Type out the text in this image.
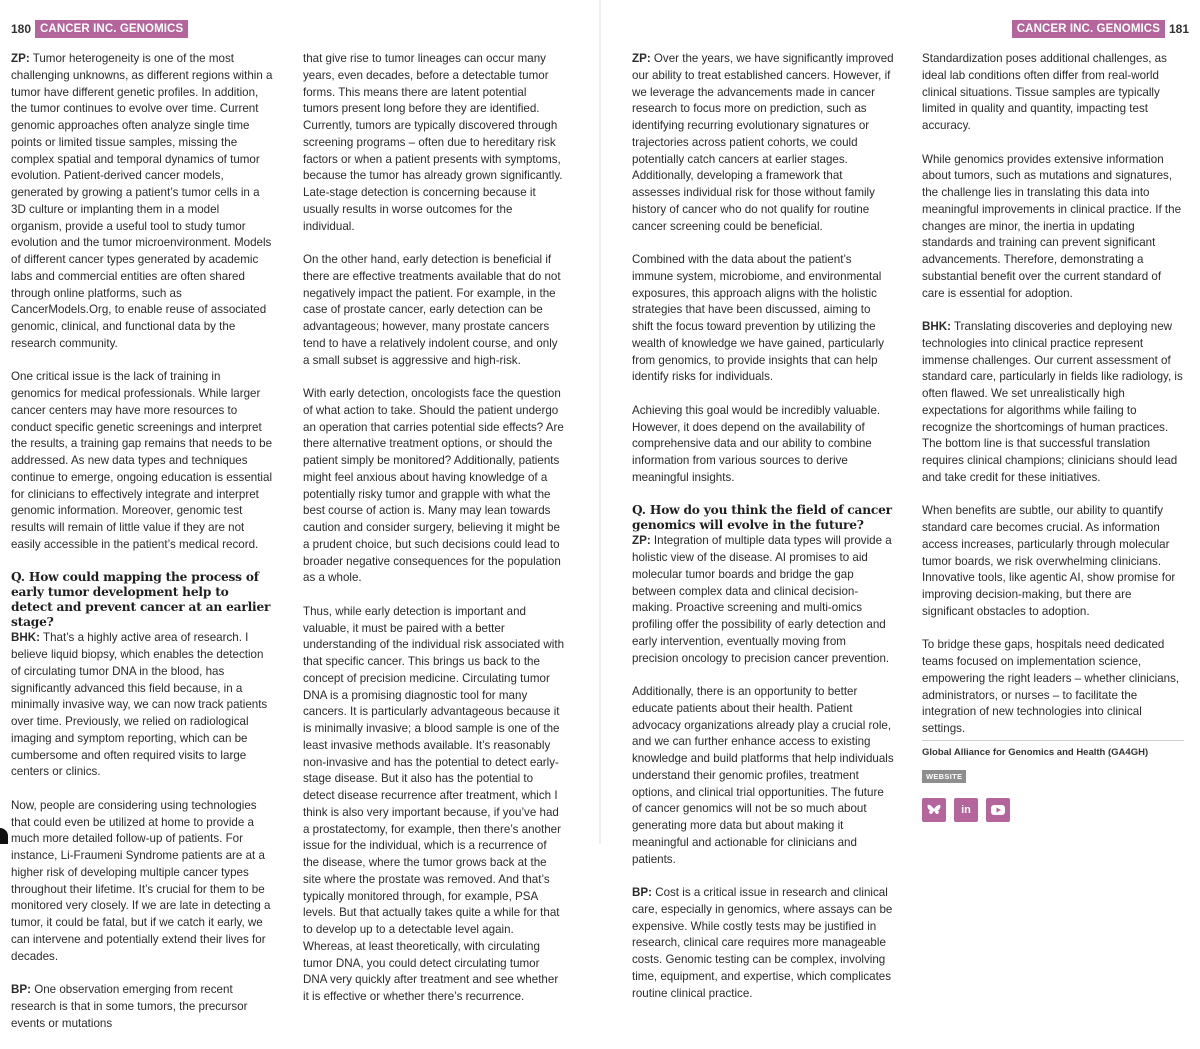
180 CANCER INC. GENOMICS	CANCER INC. GENOMICS 181

ZP: Tumor heterogeneity is one of the most challenging unknowns, as different regions within a tumor have different genetic profiles. In addition, the tumor continues to evolve over time. Current genomic approaches often analyze single time points or limited tissue samples, missing the complex spatial and temporal dynamics of tumor evolution. Patient-derived cancer models, generated by growing a patient’s tumor cells in a 3D culture or implanting them in a model organism, provide a useful tool to study tumor evolution and the tumor microenvironment. Models of different cancer types generated by academic labs and commercial entities are often shared through online platforms, such as CancerModels.Org, to enable reuse of associated genomic, clinical, and functional data by the research community.

One critical issue is the lack of training in genomics for medical professionals. While larger cancer centers may have more resources to conduct specific genetic screenings and interpret the results, a training gap remains that needs to be addressed. As new data types and techniques continue to emerge, ongoing education is essential for clinicians to effectively integrate and interpret genomic information. Moreover, genomic test results will remain of little value if they are not easily accessible in the patient’s medical record.

Q. How could mapping the process of early tumor development help to detect and prevent cancer at an earlier stage?

BHK: That’s a highly active area of research. I believe liquid biopsy, which enables the detection of circulating tumor DNA in the blood, has significantly advanced this field because, in a minimally invasive way, we can now track patients over time. Previously, we relied on radiological imaging and symptom reporting, which can be cumbersome and often required visits to large centers or clinics.

Now, people are considering using technologies that could even be utilized at home to provide a much more detailed follow-up of patients. For instance, Li-Fraumeni Syndrome patients are at a higher risk of developing multiple cancer types throughout their lifetime. It’s crucial for them to be monitored very closely. If we are late in detecting a tumor, it could be fatal, but if we catch it early, we can intervene and potentially extend their lives for decades.

BP: One observation emerging from recent research is that in some tumors, the precursor events or mutations

that give rise to tumor lineages can occur many years, even decades, before a detectable tumor forms. This means there are latent potential tumors present long before they are identified. Currently, tumors are typically discovered through screening programs – often due to hereditary risk factors or when a patient presents with symptoms, because the tumor has already grown significantly. Late-stage detection is concerning because it usually results in worse outcomes for the individual.

On the other hand, early detection is beneficial if there are effective treatments available that do not negatively impact the patient. For example, in the case of prostate cancer, early detection can be advantageous; however, many prostate cancers tend to have a relatively indolent course, and only a small subset is aggressive and high-risk.

With early detection, oncologists face the question of what action to take. Should the patient undergo an operation that carries potential side effects? Are there alternative treatment options, or should the patient simply be monitored? Additionally, patients might feel anxious about having knowledge of a potentially risky tumor and grapple with what the best course of action is. Many may lean towards caution and consider surgery, believing it might be a prudent choice, but such decisions could lead to broader negative consequences for the population as a whole.

Thus, while early detection is important and valuable, it must be paired with a better understanding of the individual risk associated with that specific cancer. This brings us back to the concept of precision medicine. Circulating tumor DNA is a promising diagnostic tool for many cancers. It is particularly advantageous because it is minimally invasive; a blood sample is one of the least invasive methods available. It’s reasonably non-invasive and has the potential to detect early-stage disease. But it also has the potential to detect disease recurrence after treatment, which I think is also very important because, if you’ve had a prostatectomy, for example, then there’s another issue for the individual, which is a recurrence of the disease, where the tumor grows back at the site where the prostate was removed. And that’s typically monitored through, for example, PSA levels. But that actually takes quite a while for that to develop up to a detectable level again. Whereas, at least theoretically, with circulating tumor DNA, you could detect circulating tumor DNA very quickly after treatment and see whether it is effective or whether there’s recurrence.

ZP: Over the years, we have significantly improved our ability to treat established cancers. However, if we leverage the advancements made in cancer research to focus more on prediction, such as identifying recurring evolutionary signatures or trajectories across patient cohorts, we could potentially catch cancers at earlier stages. Additionally, developing a framework that assesses individual risk for those without family history of cancer who do not qualify for routine cancer screening could be beneficial.

Combined with the data about the patient’s immune system, microbiome, and environmental exposures, this approach aligns with the holistic strategies that have been discussed, aiming to shift the focus toward prevention by utilizing the wealth of knowledge we have gained, particularly from genomics, to provide insights that can help identify risks for individuals.

Achieving this goal would be incredibly valuable. However, it does depend on the availability of comprehensive data and our ability to combine information from various sources to derive meaningful insights.

Q. How do you think the field of cancer genomics will evolve in the future?

ZP: Integration of multiple data types will provide a holistic view of the disease. AI promises to aid molecular tumor boards and bridge the gap between complex data and clinical decision-making. Proactive screening and multi-omics profiling offer the possibility of early detection and early intervention, eventually moving from precision oncology to precision cancer prevention.

Additionally, there is an opportunity to better educate patients about their health. Patient advocacy organizations already play a crucial role, and we can further enhance access to existing knowledge and build platforms that help individuals understand their genomic profiles, treatment options, and clinical trial opportunities. The future of cancer genomics will not be so much about generating more data but about making it meaningful and actionable for clinicians and patients.

BP: Cost is a critical issue in research and clinical care, especially in genomics, where assays can be expensive. While costly tests may be justified in research, clinical care requires more manageable costs. Genomic testing can be complex, involving time, equipment, and expertise, which complicates routine clinical practice.

Standardization poses additional challenges, as ideal lab conditions often differ from real-world clinical situations. Tissue samples are typically limited in quality and quantity, impacting test accuracy.

While genomics provides extensive information about tumors, such as mutations and signatures, the challenge lies in translating this data into meaningful improvements in clinical practice. If the changes are minor, the inertia in updating standards and training can prevent significant advancements. Therefore, demonstrating a substantial benefit over the current standard of care is essential for adoption.

BHK: Translating discoveries and deploying new technologies into clinical practice represent immense challenges. Our current assessment of standard care, particularly in fields like radiology, is often flawed. We set unrealistically high expectations for algorithms while failing to recognize the shortcomings of human practices. The bottom line is that successful translation requires clinical champions; clinicians should lead and take credit for these initiatives.

When benefits are subtle, our ability to quantify standard care becomes crucial. As information access increases, particularly through molecular tumor boards, we risk overwhelming clinicians. Innovative tools, like agentic AI, show promise for improving decision-making, but there are significant obstacles to adoption.

To bridge these gaps, hospitals need dedicated teams focused on implementation science, empowering the right leaders – whether clinicians, administrators, or nurses – to facilitate the integration of new technologies into clinical settings.

Global Alliance for Genomics and Health (GA4GH)
WEBSITE
in
